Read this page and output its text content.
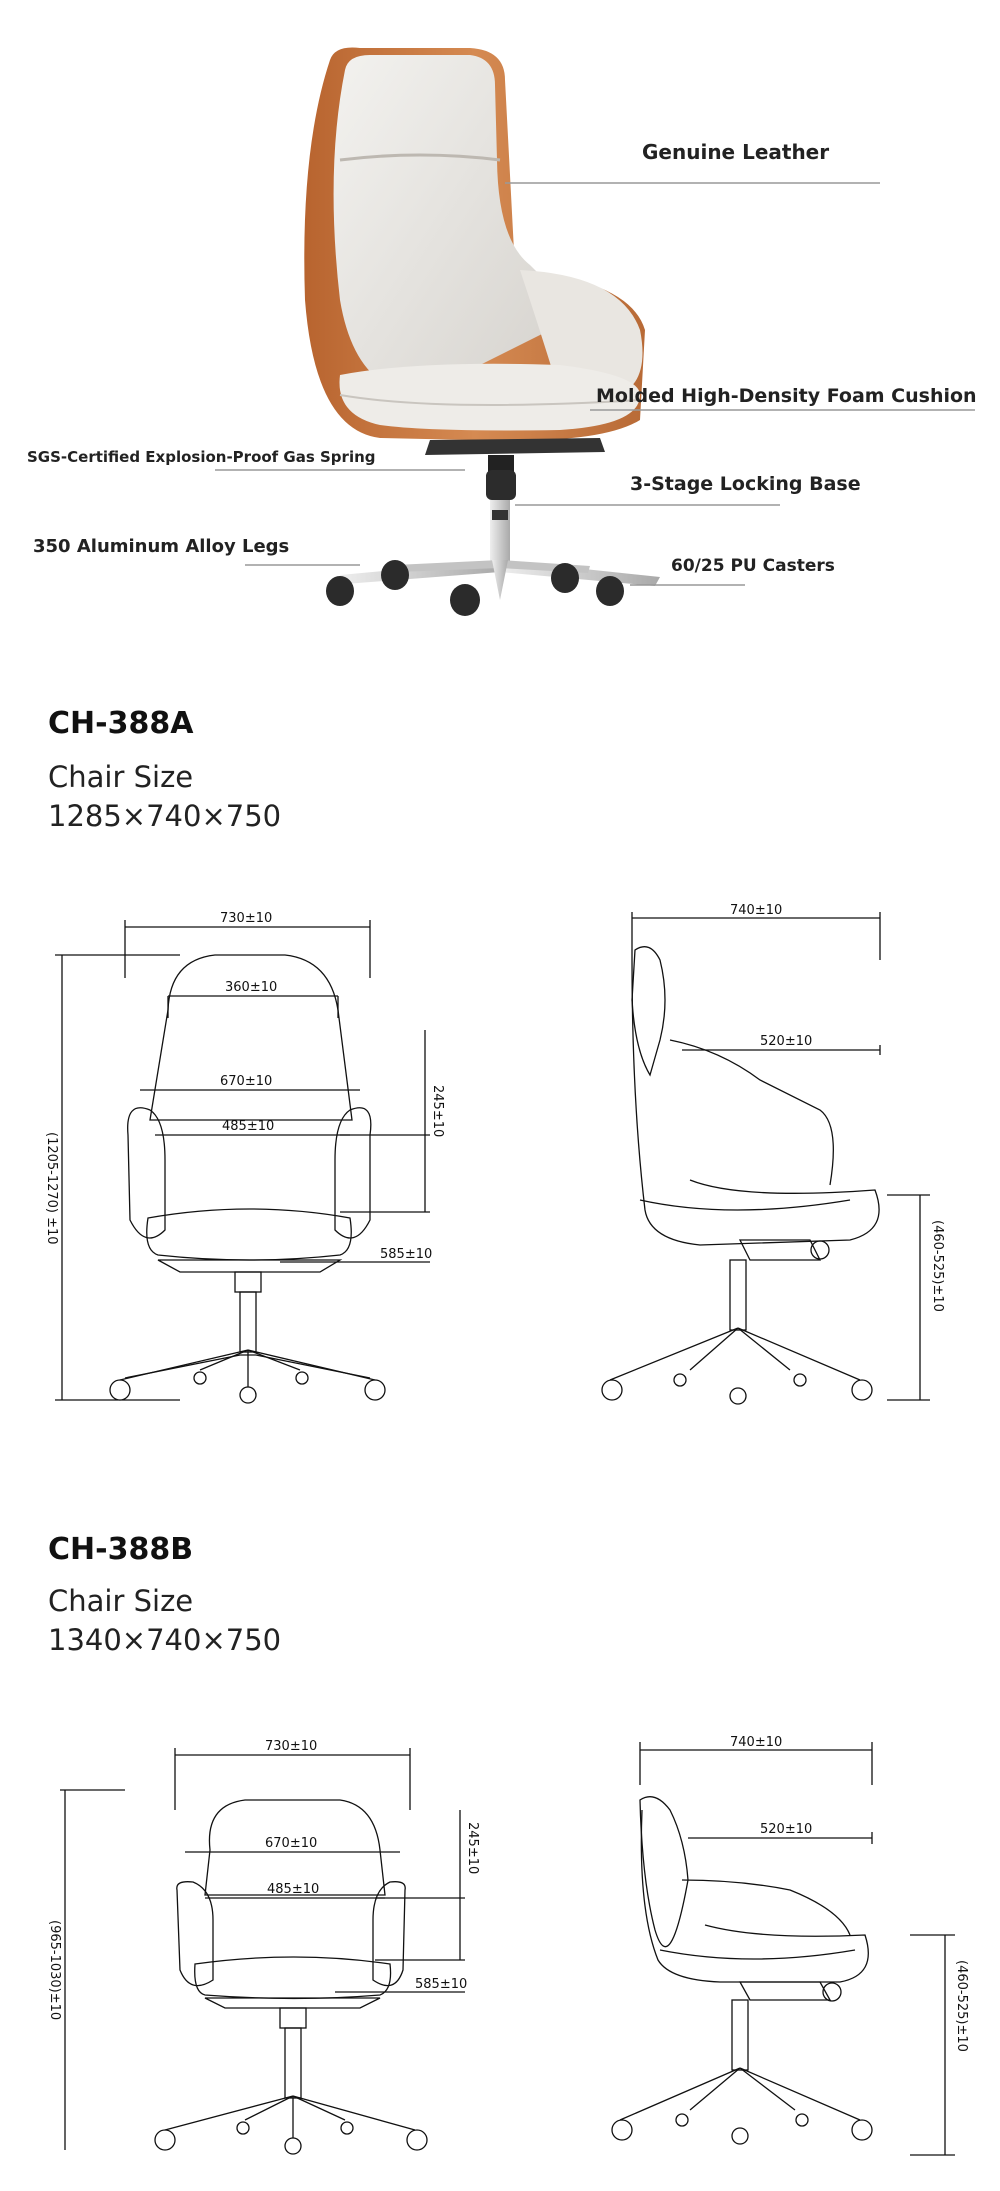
Genuine Leather
Molded High-Density Foam Cushion
SGS-Certified Explosion-Proof Gas Spring
3-Stage Locking Base
350 Aluminum Alloy Legs
60/25 PU Casters
CH-388A
Chair Size
1285×740×750
730±10
360±10
670±10
485±10
585±10
245±10
(1205-1270) ±10
740±10
520±10
(460-525)±10
CH-388B
Chair Size
1340×740×750
730±10
670±10
485±10
585±10
245±10
(965-1030)±10
740±10
520±10
(460-525)±10
